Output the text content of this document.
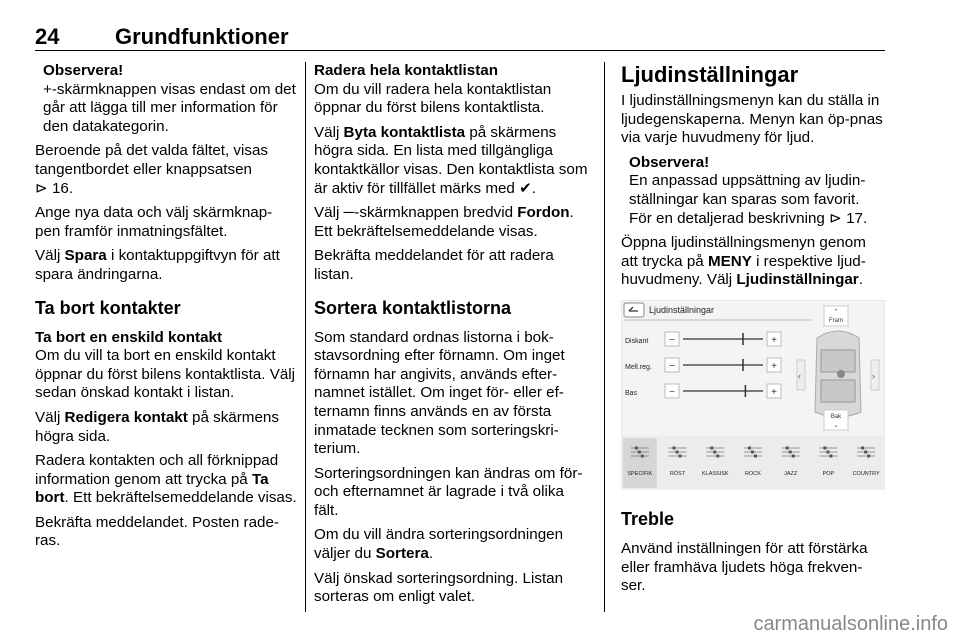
24	Grundfunktioner
Observera!
+-skärmknappen visas endast om det går att lägga till mer information för den datakategorin.

Beroende på det valda fältet, visas tangentbordet eller knappsatsen
⊳ 16.

Ange nya data och välj skärmknap-pen framför inmatningsfältet.

Välj Spara i kontaktuppgiftvyn för att spara ändringarna.

Ta bort kontakter
Ta bort en enskild kontakt

Om du vill ta bort en enskild kontakt öppnar du först bilens kontaktlista. Välj sedan önskad kontakt i listan.

Välj Redigera kontakt på skärmens högra sida.

Radera kontakten och all förknippad information genom att trycka på Ta bort. Ett bekräftelsemeddelande visas.

Bekräfta meddelandet. Posten rade-ras.

Radera hela kontaktlistan

Om du vill radera hela kontaktlistan öppnar du först bilens kontaktlista.

Välj Byta kontaktlista på skärmens högra sida. En lista med tillgängliga kontaktkällor visas. Den kontaktlista som är aktiv för tillfället märks med ✔.

Välj ─-skärmknappen bredvid Fordon. Ett bekräftelsemeddelande visas.

Bekräfta meddelandet för att radera listan.

Sortera kontaktlistorna

Som standard ordnas listorna i bok-stavsordning efter förnamn. Om inget förnamn har angivits, används efter-namnet istället. Om inget för- eller ef-ternamn finns används en av första inmatade tecknen som sorteringskri-terium.

Sorteringsordningen kan ändras om för- och efternamnet är lagrade i två olika fält.

Om du vill ändra sorteringsordningen väljer du Sortera.

Välj önskad sorteringsordning. Listan sorteras om enligt valet.

Ljudinställningar

I ljudinställningsmenyn kan du ställa in ljudegenskaperna. Menyn kan öp-pnas via varje huvudmeny för ljud.

Observera!
En anpassad uppsättning av ljudin-ställningar kan sparas som favorit. För en detaljerad beskrivning ⊳ 17.

Öppna ljudinställningsmenyn genom att trycka på MENY i respektive ljud-huvudmeny. Välj Ljudinställningar.

Ljudinställningar
Diskant −	+
Mell.reg. −	+
Bas	−	+
‹	›
⌃
Fram
Bak
⌄
SPECIFIK	RÖST	KLASSISK	ROCK	JAZZ	POP	COUNTRY
Treble

Använd inställningen för att förstärka eller framhäva ljudets höga frekven-ser.

carmanualsonline.info
